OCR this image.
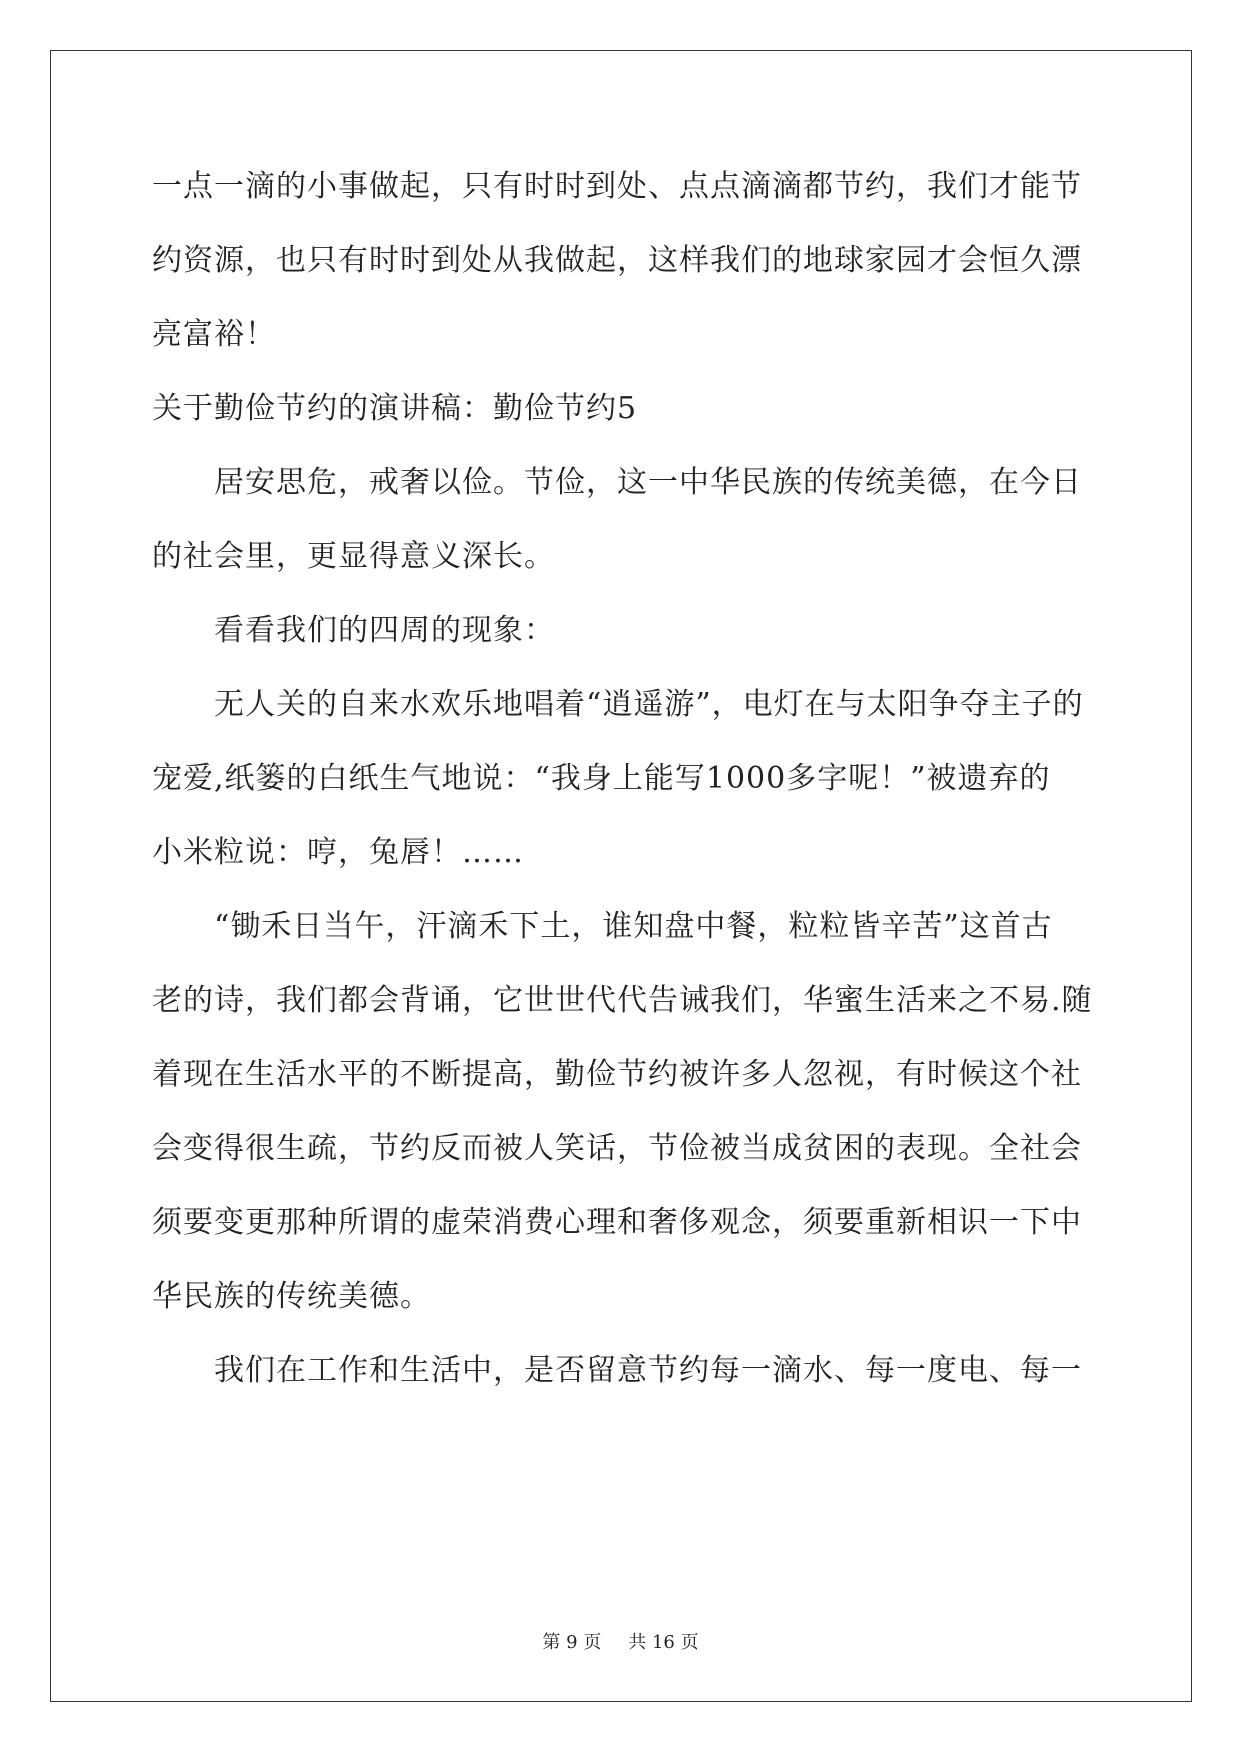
一点一滴的小事做起，只有时时到处、点点滴滴都节约，我们才能节
约资源，也只有时时到处从我做起，这样我们的地球家园才会恒久漂
亮富裕！
关于勤俭节约的演讲稿：勤俭节约5
居安思危，戒奢以俭。节俭，这一中华民族的传统美德，在今日
的社会里，更显得意义深长。
看看我们的四周的现象：
无人关的自来水欢乐地唱着“逍遥游”，电灯在与太阳争夺主子的
宠爱,纸篓的白纸生气地说：“我身上能写1000多字呢！”被遗弃的
小米粒说：哼，兔唇！……
“锄禾日当午，汗滴禾下土，谁知盘中餐，粒粒皆辛苦”这首古
老的诗，我们都会背诵，它世世代代告诫我们，华蜜生活来之不易.随
着现在生活水平的不断提高，勤俭节约被许多人忽视，有时候这个社
会变得很生疏，节约反而被人笑话，节俭被当成贫困的表现。全社会
须要变更那种所谓的虚荣消费心理和奢侈观念，须要重新相识一下中
华民族的传统美德。
我们在工作和生活中，是否留意节约每一滴水、每一度电、每一
第 9 页 共 16 页
